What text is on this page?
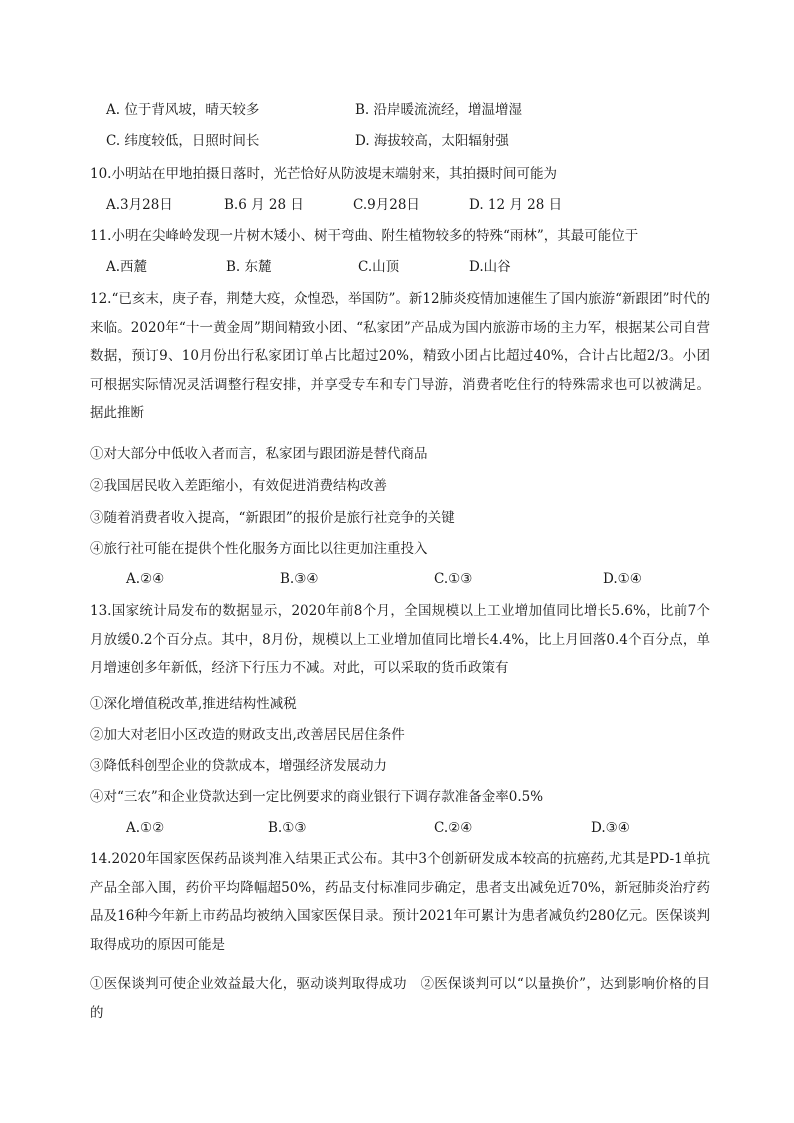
A. 位于背风坡，晴天较多	B. 沿岸暖流流经，增温增湿
C. 纬度较低，日照时间长	D. 海拔较高，太阳辐射强
10.小明站在甲地拍摄日落时，光芒恰好从防波堤末端射来，其拍摄时间可能为
A.3月28日	B.6 月 28 日	C.9月28日	D. 12 月 28 日
11.小明在尖峰岭发现一片树木矮小、树干弯曲、附生植物较多的特殊“雨林”，其最可能位于
A.西麓	B. 东麓	C.山顶	D.山谷
12.“已亥末，庚子春，荆楚大疫，众惶恐，举国防”。新12肺炎疫情加速催生了国内旅游“新跟团”时代的来临。2020年“十一黄金周”期间精致小团、“私家团”产品成为国内旅游市场的主力军，根据某公司自营数据，预订9、10月份出行私家团订单占比超过20%，精致小团占比超过40%，合计占比超2/3。小团可根据实际情况灵活调整行程安排，并享受专车和专门导游，消费者吃住行的特殊需求也可以被满足。据此推断
①对大部分中低收入者而言，私家团与跟团游是替代商品
②我国居民收入差距缩小，有效促进消费结构改善
③随着消费者收入提高，“新跟团”的报价是旅行社竞争的关键
④旅行社可能在提供个性化服务方面比以往更加注重投入
A.②④	B.③④	C.①③	D.①④
13.国家统计局发布的数据显示，2020年前8个月，全国规模以上工业增加值同比增长5.6%，比前7个月放缓0.2个百分点。其中，8月份，规模以上工业增加值同比增长4.4%，比上月回落0.4个百分点，单月增速创多年新低，经济下行压力不减。对此，可以采取的货币政策有
①深化增值税改革,推进结构性减税
②加大对老旧小区改造的财政支出,改善居民居住条件
③降低科创型企业的贷款成本，增强经济发展动力
④对“三农”和企业贷款达到一定比例要求的商业银行下调存款准备金率0.5%
A.①②	B.①③	C.②④	D.③④
14.2020年国家医保药品谈判准入结果正式公布。其中3个创新研发成本较高的抗癌药,尤其是PD-1单抗产品全部入围，药价平均降幅超50%，药品支付标准同步确定，患者支出减免近70%，新冠肺炎治疗药品及16种今年新上市药品均被纳入国家医保目录。预计2021年可累计为患者减负约280亿元。医保谈判取得成功的原因可能是
①医保谈判可使企业效益最大化，驱动谈判取得成功　②医保谈判可以“以量换价”，达到影响价格的目的
